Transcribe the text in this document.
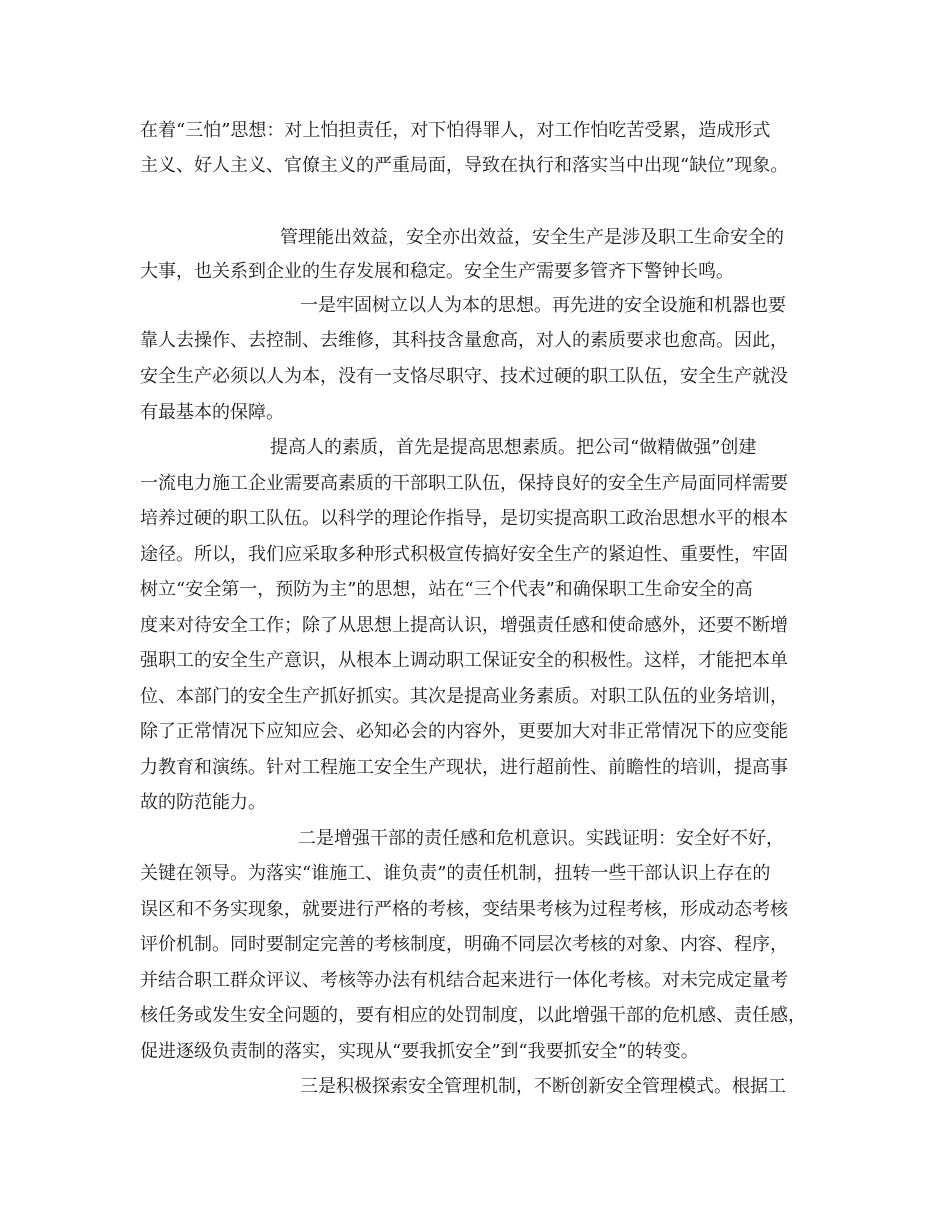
在着“三怕”思想：对上怕担责任，对下怕得罪人，对工作怕吃苦受累，造成形式
主义、好人主义、官僚主义的严重局面，导致在执行和落实当中出现“缺位”现象。
管理能出效益，安全亦出效益，安全生产是涉及职工生命安全的
大事，也关系到企业的生存发展和稳定。安全生产需要多管齐下警钟长鸣。
一是牢固树立以人为本的思想。再先进的安全设施和机器也要
靠人去操作、去控制、去维修，其科技含量愈高，对人的素质要求也愈高。因此，
安全生产必须以人为本，没有一支恪尽职守、技术过硬的职工队伍，安全生产就没
有最基本的保障。
提高人的素质，首先是提高思想素质。把公司“做精做强”创建
一流电力施工企业需要高素质的干部职工队伍，保持良好的安全生产局面同样需要
培养过硬的职工队伍。以科学的理论作指导，是切实提高职工政治思想水平的根本
途径。所以，我们应采取多种形式积极宣传搞好安全生产的紧迫性、重要性，牢固
树立“安全第一，预防为主”的思想，站在“三个代表”和确保职工生命安全的高
度来对待安全工作；除了从思想上提高认识，增强责任感和使命感外，还要不断增
强职工的安全生产意识，从根本上调动职工保证安全的积极性。这样，才能把本单
位、本部门的安全生产抓好抓实。其次是提高业务素质。对职工队伍的业务培训，
除了正常情况下应知应会、必知必会的内容外，更要加大对非正常情况下的应变能
力教育和演练。针对工程施工安全生产现状，进行超前性、前瞻性的培训，提高事
故的防范能力。
二是增强干部的责任感和危机意识。实践证明：安全好不好，
关键在领导。为落实“谁施工、谁负责”的责任机制，扭转一些干部认识上存在的
误区和不务实现象，就要进行严格的考核，变结果考核为过程考核，形成动态考核
评价机制。同时要制定完善的考核制度，明确不同层次考核的对象、内容、程序，
并结合职工群众评议、考核等办法有机结合起来进行一体化考核。对未完成定量考
核任务或发生安全问题的，要有相应的处罚制度，以此增强干部的危机感、责任感，
促进逐级负责制的落实，实现从“要我抓安全”到“我要抓安全”的转变。
三是积极探索安全管理机制，不断创新安全管理模式。根据工
